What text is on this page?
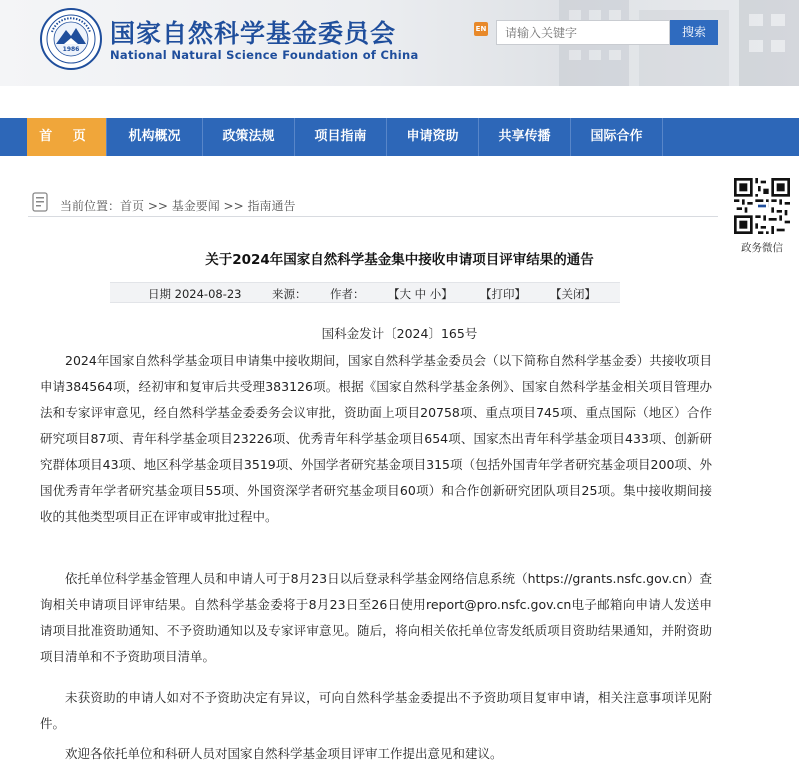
1986
国家自然科学基金委员会
National Natural Science Foundation of China
EN
请输入关键字	搜索
首 页	机构概况	政策法规	项目指南	申请资助	共享传播	国际合作
政务微信
当前位置：首页 >> 基金要闻 >> 指南通告
关于2024年国家自然科学基金集中接收申请项目评审结果的通告
日期 2024-08-23	来源： 作者： 【大 中 小】 【打印】 【关闭】
国科金发计〔2024〕165号

2024年国家自然科学基金项目申请集中接收期间，国家自然科学基金委员会（以下简称自然科学基金委）共接收项目申请384564项，经初审和复审后共受理383126项。根据《国家自然科学基金条例》、国家自然科学基金相关项目管理办法和专家评审意见，经自然科学基金委委务会议审批，资助面上项目20758项、重点项目745项、重点国际（地区）合作研究项目87项、青年科学基金项目23226项、优秀青年科学基金项目654项、国家杰出青年科学基金项目433项、创新研究群体项目43项、地区科学基金项目3519项、外国学者研究基金项目315项（包括外国青年学者研究基金项目200项、外国优秀青年学者研究基金项目55项、外国资深学者研究基金项目60项）和合作创新研究团队项目25项。集中接收期间接收的其他类型项目正在评审或审批过程中。

依托单位科学基金管理人员和申请人可于8月23日以后登录科学基金网络信息系统（https://grants.nsfc.gov.cn）查询相关申请项目评审结果。自然科学基金委将于8月23日至26日使用report@pro.nsfc.gov.cn电子邮箱向申请人发送申请项目批准资助通知、不予资助通知以及专家评审意见。随后，将向相关依托单位寄发纸质项目资助结果通知，并附资助项目清单和不予资助项目清单。

未获资助的申请人如对不予资助决定有异议，可向自然科学基金委提出不予资助项目复审申请，相关注意事项详见附件。

欢迎各依托单位和科研人员对国家自然科学基金项目评审工作提出意见和建议。
